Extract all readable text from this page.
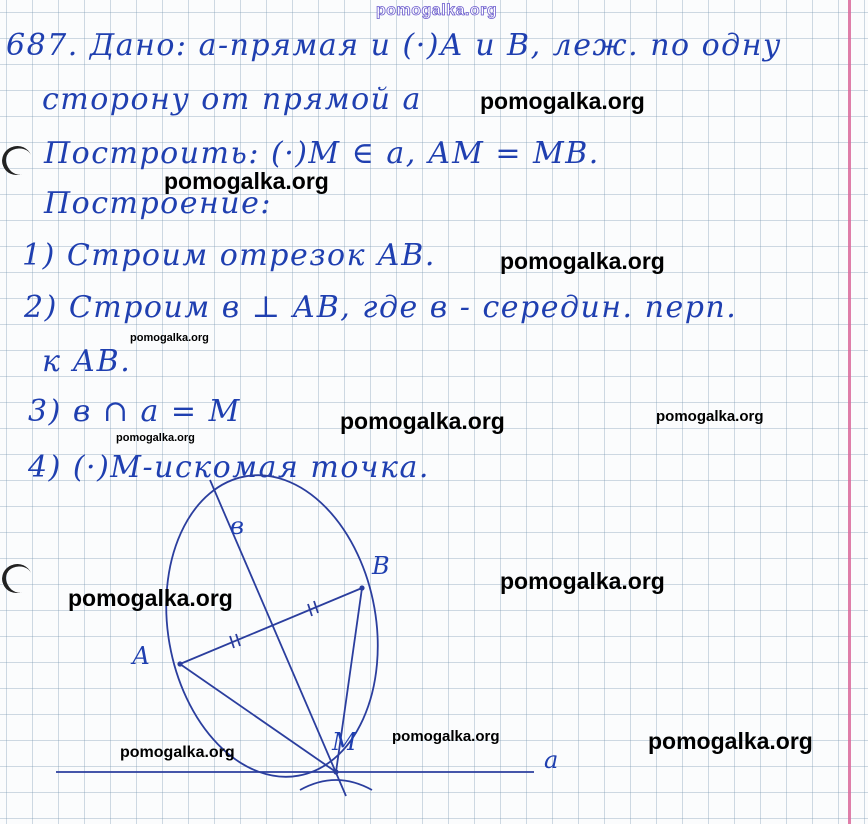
pomogalka.org
687. Дано: а-прямая и (·)А и В, леж. по одну
сторону от прямой а
Построить: (·)М ∈ а, АМ = МВ.
Построение:
1) Строим отрезок АВ.
2) Строим в ⊥ АВ, где в - середин. перп.
к АВ.
3) в ∩ а = М
4) (·)М-искомая точка.
А
В
М
в
а
pomogalka.org
pomogalka.org
pomogalka.org
pomogalka.org
pomogalka.org	pomogalka.org
pomogalka.org
pomogalka.org
pomogalka.org
pomogalka.org	pomogalka.org
pomogalka.org
